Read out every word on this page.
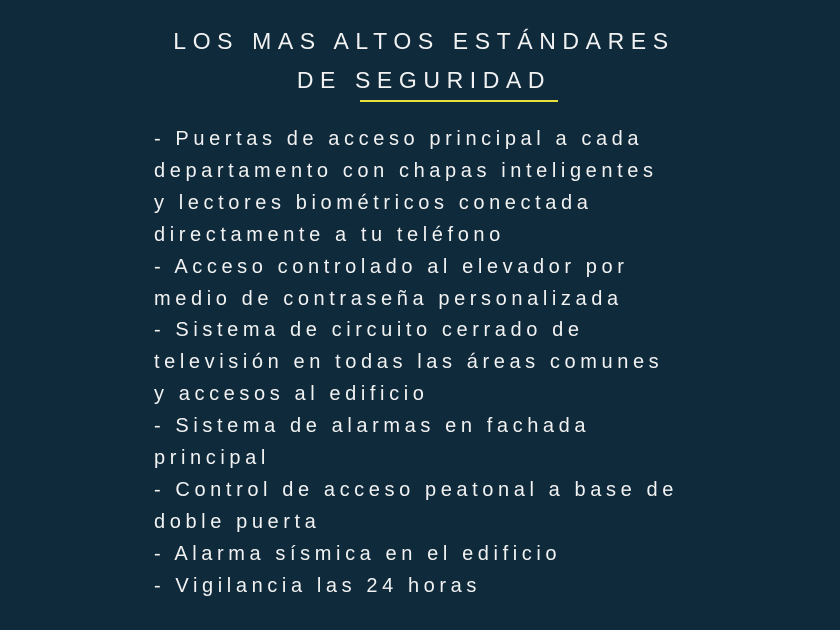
LOS MAS ALTOS ESTÁNDARES
DE SEGURIDAD
- Puertas de acceso principal a cada
departamento con chapas inteligentes
y lectores biométricos conectada
directamente a tu teléfono
- Acceso controlado al elevador por
medio de contraseña personalizada
- Sistema de circuito cerrado de
televisión en todas las áreas comunes
y accesos al edificio
- Sistema de alarmas en fachada
principal
- Control de acceso peatonal a base de
doble puerta
- Alarma sísmica en el edificio
- Vigilancia las 24 horas
